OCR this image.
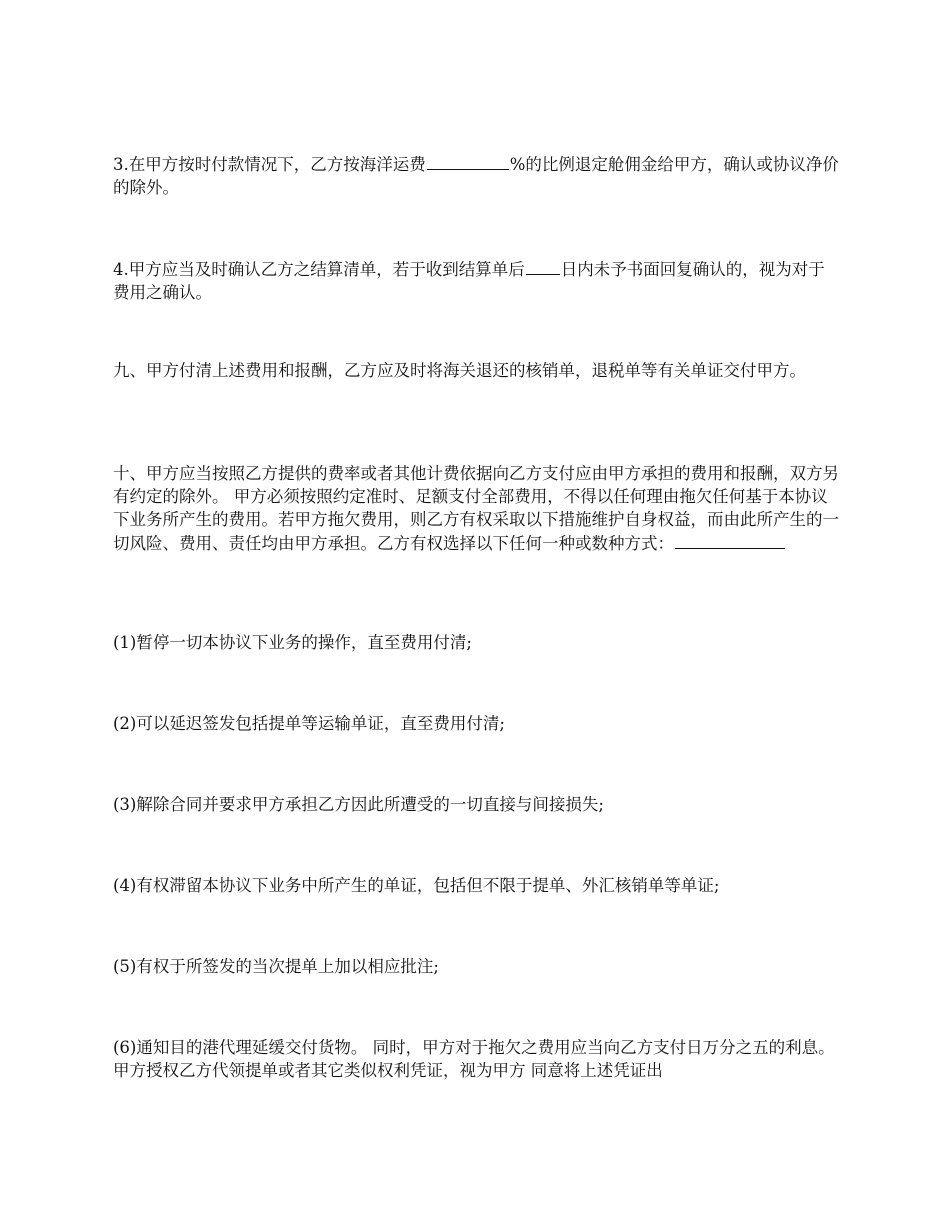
3.在甲方按时付款情况下，乙方按海洋运费	%的比例退定舱佣金给甲方，确认或协议净价的除外。

4.甲方应当及时确认乙方之结算清单，若于收到结算单后 日内未予书面回复确认的，视为对于费用之确认。

九、甲方付清上述费用和报酬，乙方应及时将海关退还的核销单，退税单等有关单证交付甲方。

十、甲方应当按照乙方提供的费率或者其他计费依据向乙方支付应由甲方承担的费用和报酬，双方另有约定的除外。 甲方必须按照约定准时、足额支付全部费用，不得以任何理由拖欠任何基于本协议下业务所产生的费用。若甲方拖欠费用，则乙方有权采取以下措施维护自身权益，而由此所产生的一切风险、费用、责任均由甲方承担。乙方有权选择以下任何一种或数种方式：

(1)暂停一切本协议下业务的操作，直至费用付清;

(2)可以延迟签发包括提单等运输单证，直至费用付清;

(3)解除合同并要求甲方承担乙方因此所遭受的一切直接与间接损失;

(4)有权滞留本协议下业务中所产生的单证，包括但不限于提单、外汇核销单等单证;

(5)有权于所签发的当次提单上加以相应批注;

(6)通知目的港代理延缓交付货物。 同时，甲方对于拖欠之费用应当向乙方支付日万分之五的利息。甲方授权乙方代领提单或者其它类似权利凭证，视为甲方 同意将上述凭证出
